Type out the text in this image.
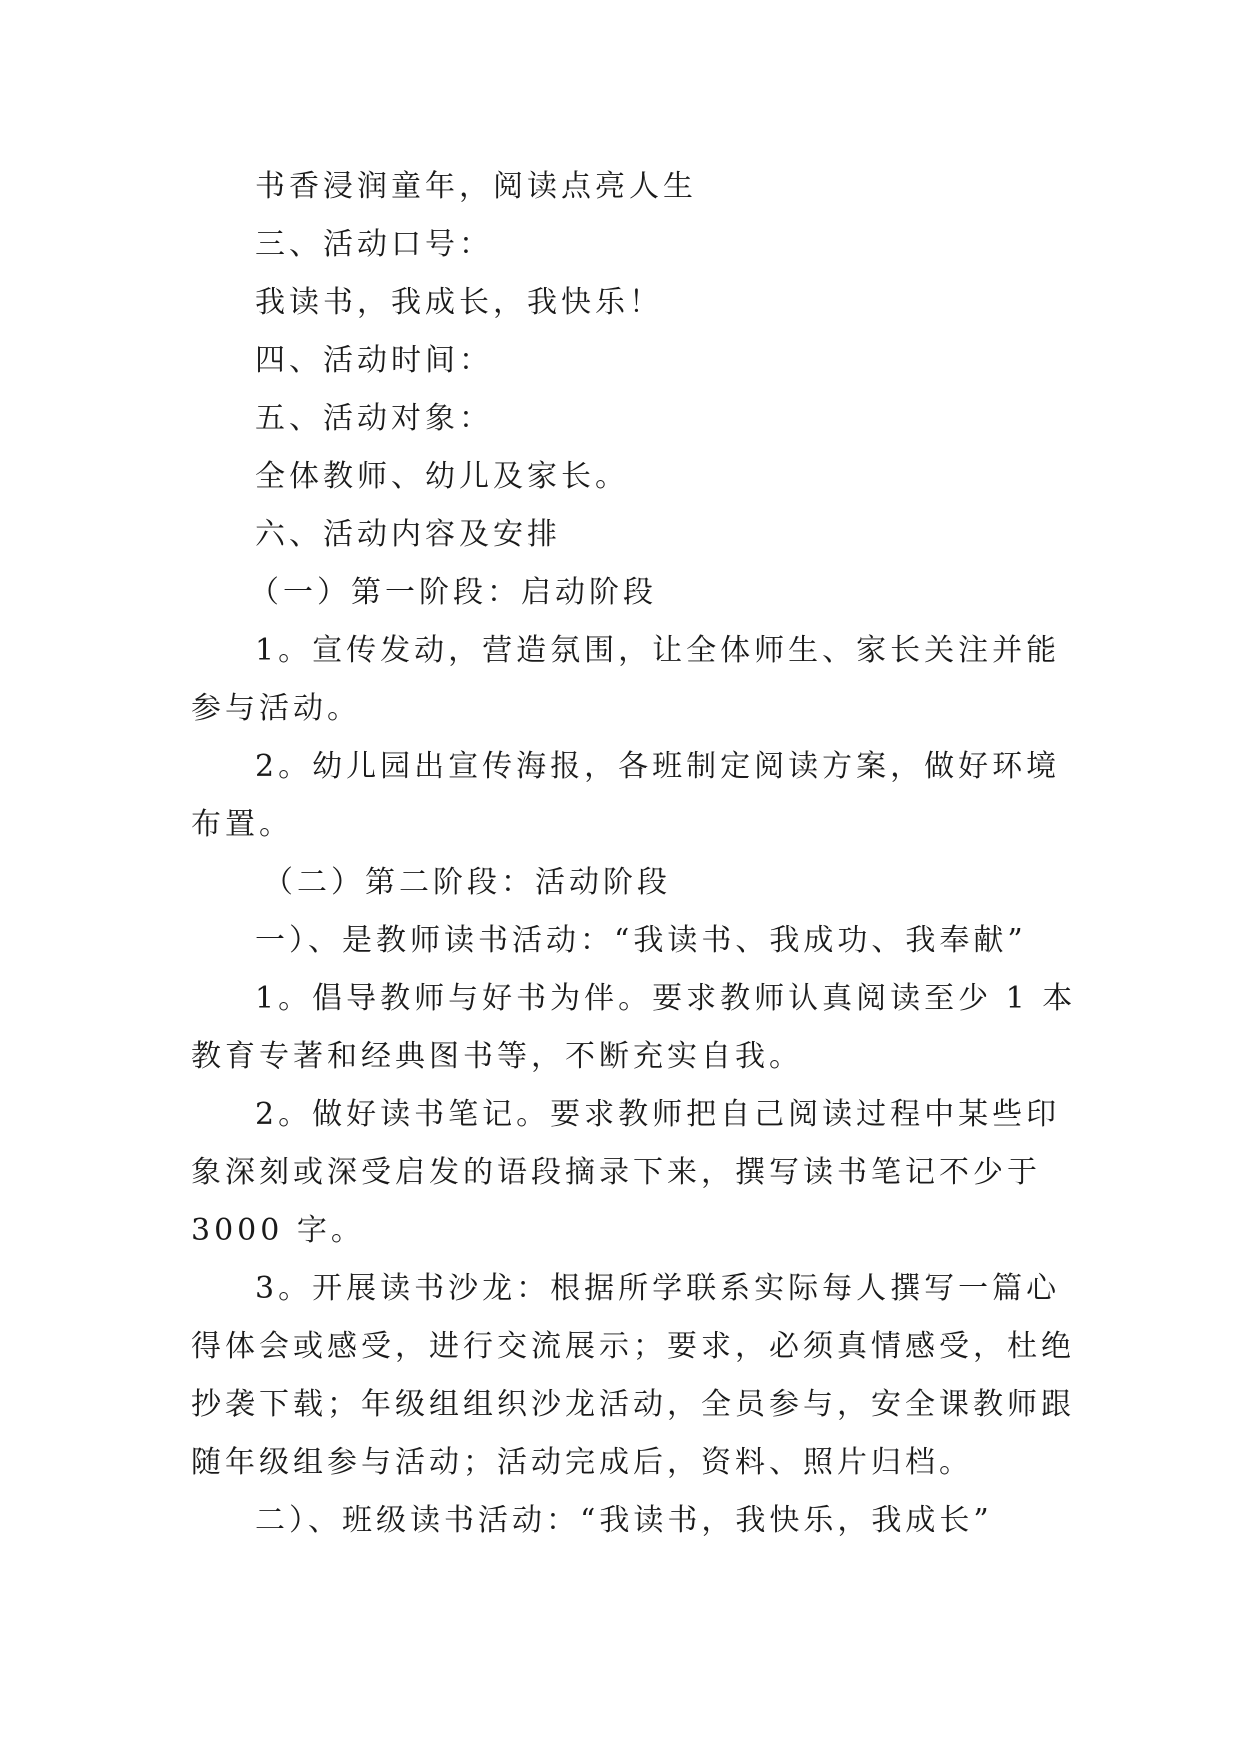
书香浸润童年，阅读点亮人生
三、活动口号：
我读书，我成长，我快乐！
四、活动时间：
五、活动对象：
全体教师、幼儿及家长。
六、活动内容及安排
（一）第一阶段：启动阶段
1。宣传发动，营造氛围，让全体师生、家长关注并能
参与活动。
2。幼儿园出宣传海报，各班制定阅读方案，做好环境
布置。
（二）第二阶段：活动阶段
一）、是教师读书活动：“我读书、我成功、我奉献”
1。倡导教师与好书为伴。要求教师认真阅读至少 1 本
教育专著和经典图书等，不断充实自我。
2。做好读书笔记。要求教师把自己阅读过程中某些印
象深刻或深受启发的语段摘录下来，撰写读书笔记不少于
3000 字。
3。开展读书沙龙：根据所学联系实际每人撰写一篇心
得体会或感受，进行交流展示；要求，必须真情感受，杜绝
抄袭下载；年级组组织沙龙活动，全员参与，安全课教师跟
随年级组参与活动；活动完成后，资料、照片归档。
二）、班级读书活动：“我读书，我快乐，我成长”
